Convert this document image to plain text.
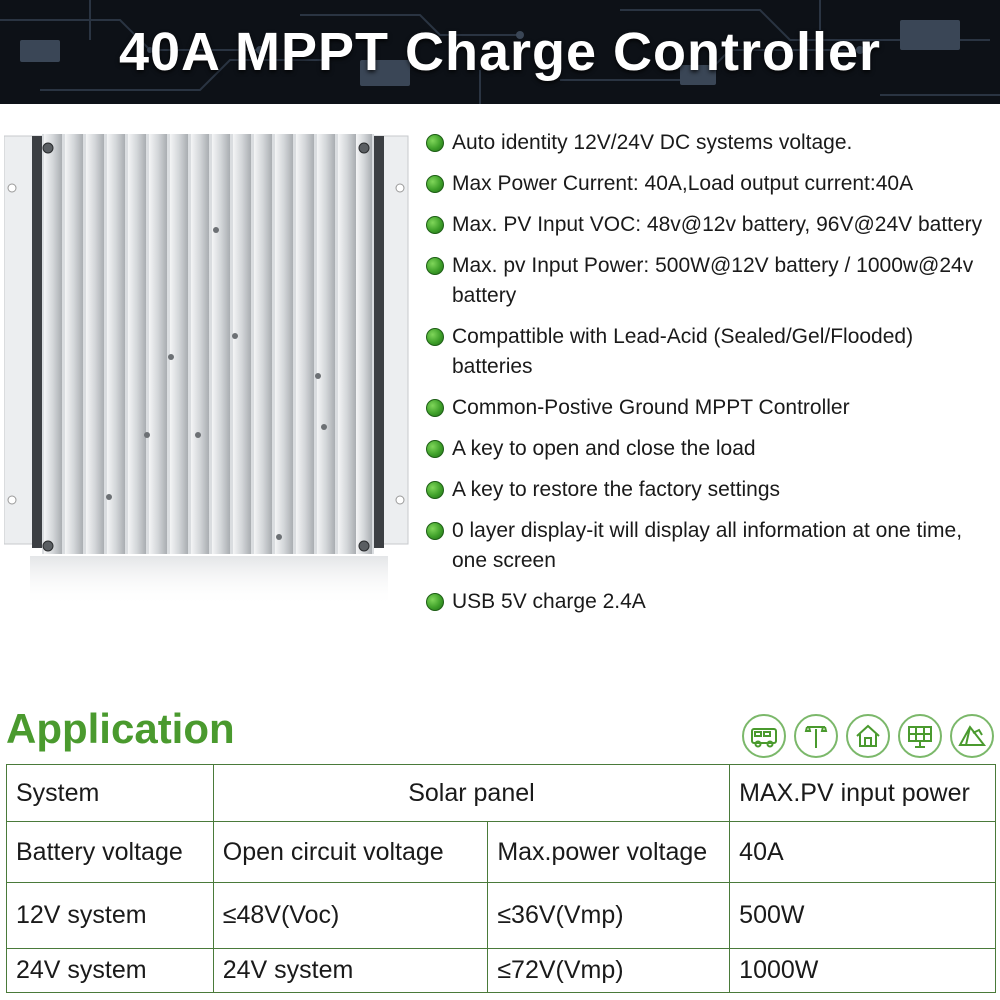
40A MPPT Charge Controller
Auto identity 12V/24V DC systems voltage.
Max Power Current: 40A,Load output current:40A
Max. PV Input VOC: 48v@12v battery, 96V@24V battery
Max. pv Input Power: 500W@12V battery / 1000w@24v battery
Compattible with Lead-Acid (Sealed/Gel/Flooded) batteries
Common-Postive Ground MPPT Controller
A key to open and close the load
A key to restore the factory settings
0 layer display-it will display all information at one time, one screen
USB 5V charge 2.4A
Application
System	Solar panel		MAX.PV input power
Battery voltage	Open circuit voltage	Max.power voltage	40A
12V system	≤48V(Voc)	≤36V(Vmp)	500W
24V system	24V system	≤72V(Vmp)	1000W
